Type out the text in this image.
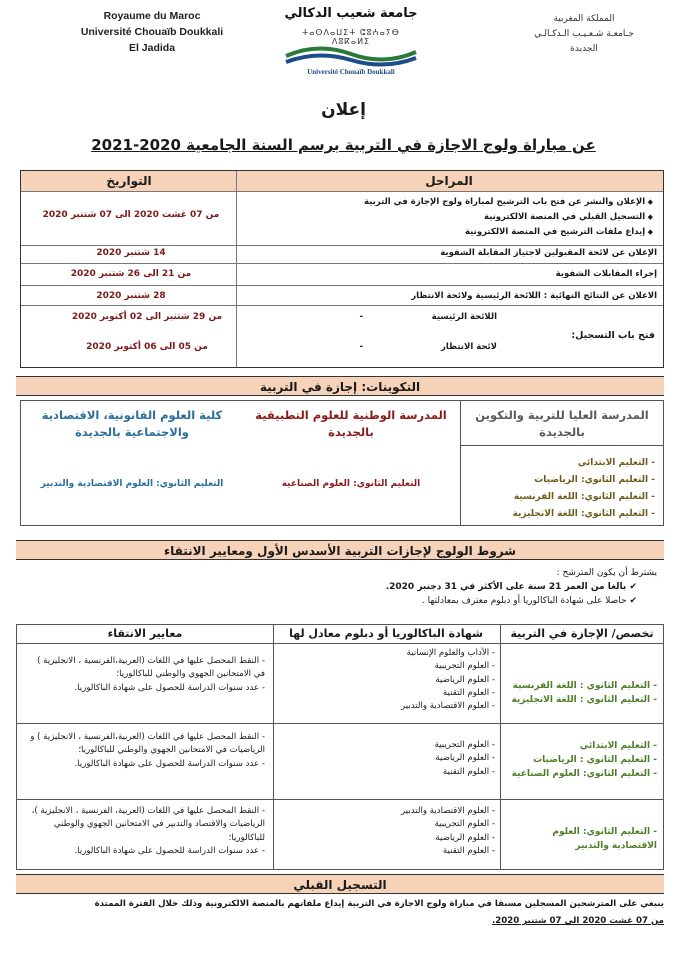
Royaume du Maroc
Université Chouaïb Doukkali
El Jadida
جامعة شعيب الدكالي
ⵜⴰⵙⴷⴰⵡⵉⵜ ⵛⵓⵄⴰⵢⴱ ⴷⵓⴽⴰⵍⵉ
Université Chouaïb Doukkali
المملكة المغربية
جـامعـة شـعـيـب الـدكـالـي
الجديدة
إعلان
عن مباراة ولوج الاجازة في التربية برسم السنة الجامعية 2020-2021
المراحل
التواريخ
◆ الإعلان والنشر عن فتح باب الترشيح لمباراة ولوج الإجازة في التربية
◆ التسجيل القبلي في المنصة الالكترونية
◆ إيداع ملفات الترشيح في المنصة الالكترونية
من 07 غشت 2020 الى 07 شتنبر 2020
الإعلان عن لائحة المقبولين لاجتياز المقابلة الشفوية
14 شتنبر 2020
إجراء المقابلات الشفوية
من 21 الى 26 شتنبر 2020
الاعلان عن النتائج النهائية : اللائحة الرئيسية ولائحة الانتظار
28 شتنبر 2020
فتح باب التسجيل:
-	اللائحة الرئيسية
-	لائحة الانتظار
من 29 شتنبر الى 02 أكتوبر 2020
من 05 الى 06 أكتوبر 2020
التكوينات: إجازة في التربية
المدرسة العليا للتربية والتكوين بالجديدة
- التعليم الابتدائي
- التعليم الثانوي: الرياضيات
- التعليم الثانوي: اللغة الفرنسية
- التعليم الثانوي: اللغة الانجليزية
المدرسة الوطنية للعلوم التطبيقية بالجديدة
التعليم الثانوي: العلوم الصناعية
كلية العلوم القانونية، الاقتصادية والاجتماعية بالجديدة
التعليم الثانوي: العلوم الاقتصادية والتدبير
شروط الولوج لإجازات التربية الأسدس الأول ومعايير الانتقاء
يشترط أن يكون المترشح :
✔ بالغا من العمر 21 سنة على الأكثر في 31 دجنبر 2020.
✔ حاصلا على شهادة الباكالوريا أو دبلوم معترف بمعادلتها .
تخصص/ الإجازة في التربية
شهادة الباكالوريا أو دبلوم معادل لها
معايير الانتقاء
- التعليم الثانوي : اللغة الفرنسية
- التعليم الثانوي : اللغة الانجليزية
- الآداب والعلوم الإنسانية
- العلوم التجريبية
- العلوم الرياضية
- العلوم التقنية
- العلوم الاقتصادية والتدبير
- النقط المحصل عليها في اللغات (العربية،الفرنسية ، الانجليزية ) في الامتحانين الجهوي والوطني للباكالوريا؛
- عدد سنوات الدراسة للحصول على شهادة الباكالوريا.
- التعليم الابتدائي
- التعليم الثانوي : الرياضيات
- التعليم الثانوي: العلوم الصناعية
- العلوم التجريبية
- العلوم الرياضية
- العلوم التقنية
- النقط المحصل عليها في اللغات (العربية،الفرنسية ، الانجليزية ) و الرياضيات في الامتحانين الجهوي والوطني للباكالوريا؛
- عدد سنوات الدراسة للحصول على شهادة الباكالوريا.
- التعليم الثانوي: العلوم الاقتصادية والتدبير
- العلوم الاقتصادية والتدبير
- العلوم التجريبية
- العلوم الرياضية
- العلوم التقنية
- النقط المحصل عليها في اللغات (العربية، الفرنسية ، الانجليزية )، الرياضيات والاقتصاد والتدبير في الامتحانين الجهوي والوطني للباكالوريا؛
- عدد سنوات الدراسة للحصول على شهادة الباكالوريا.
التسجيل القبلي
ينبغي على المترشحين المسجلين مسبقا في مباراة ولوج الاجازة في التربية إيداع ملفاتهم بالمنصة الالكترونية وذلك خلال الفترة الممتدة
من 07 غشت 2020 الى 07 شتنبر 2020.
